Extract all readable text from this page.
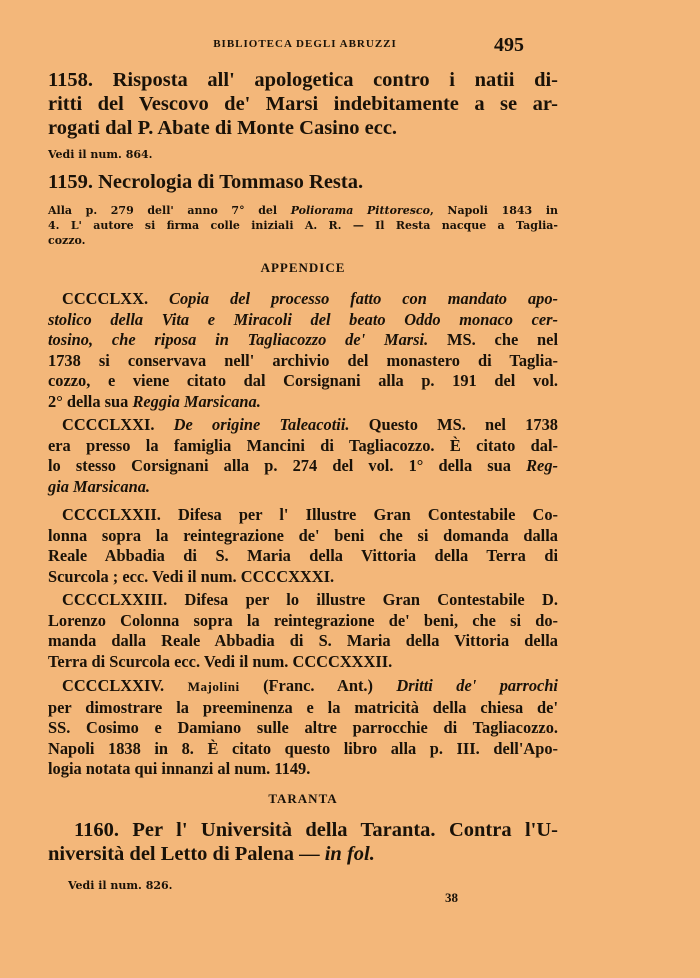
BIBLIOTECA DEGLI ABRUZZI	495
1158. Risposta all' apologetica contro i natii di-
ritti del Vescovo de' Marsi indebitamente a se ar-
rogati dal P. Abate di Monte Casino ecc.
Vedi il num. 864.
1159. Necrologia di Tommaso Resta.
Alla p. 279 dell' anno 7° del Poliorama Pittoresco, Napoli 1843 in
4. L' autore si firma colle iniziali A. R. — Il Resta nacque a Taglia-
cozzo.
APPENDICE
CCCCLXX. Copia del processo fatto con mandato apo-
stolico della Vita e Miracoli del beato Oddo monaco cer-
tosino, che riposa in Tagliacozzo de' Marsi. MS. che nel
1738 si conservava nell' archivio del monastero di Taglia-
cozzo, e viene citato dal Corsignani alla p. 191 del vol.
2° della sua Reggia Marsicana.
CCCCLXXI. De origine Taleacotii. Questo MS. nel 1738
era presso la famiglia Mancini di Tagliacozzo. È citato dal-
lo stesso Corsignani alla p. 274 del vol. 1° della sua Reg-
gia Marsicana.
CCCCLXXII. Difesa per l' Illustre Gran Contestabile Co-
lonna sopra la reintegrazione de' beni che si domanda dalla
Reale Abbadia di S. Maria della Vittoria della Terra di
Scurcola ; ecc. Vedi il num. CCCCXXXI.
CCCCLXXIII. Difesa per lo illustre Gran Contestabile D.
Lorenzo Colonna sopra la reintegrazione de' beni, che si do-
manda dalla Reale Abbadia di S. Maria della Vittoria della
Terra di Scurcola ecc. Vedi il num. CCCCXXXII.
CCCCLXXIV. Majolini (Franc. Ant.) Dritti de' parrochi
per dimostrare la preeminenza e la matricità della chiesa de'
SS. Cosimo e Damiano sulle altre parrocchie di Tagliacozzo.
Napoli 1838 in 8. È citato questo libro alla p. III. dell'Apo-
logia notata qui innanzi al num. 1149.
TARANTA
1160. Per l' Università della Taranta. Contra l'U-
niversità del Letto di Palena — in fol.
Vedi il num. 826.
38
